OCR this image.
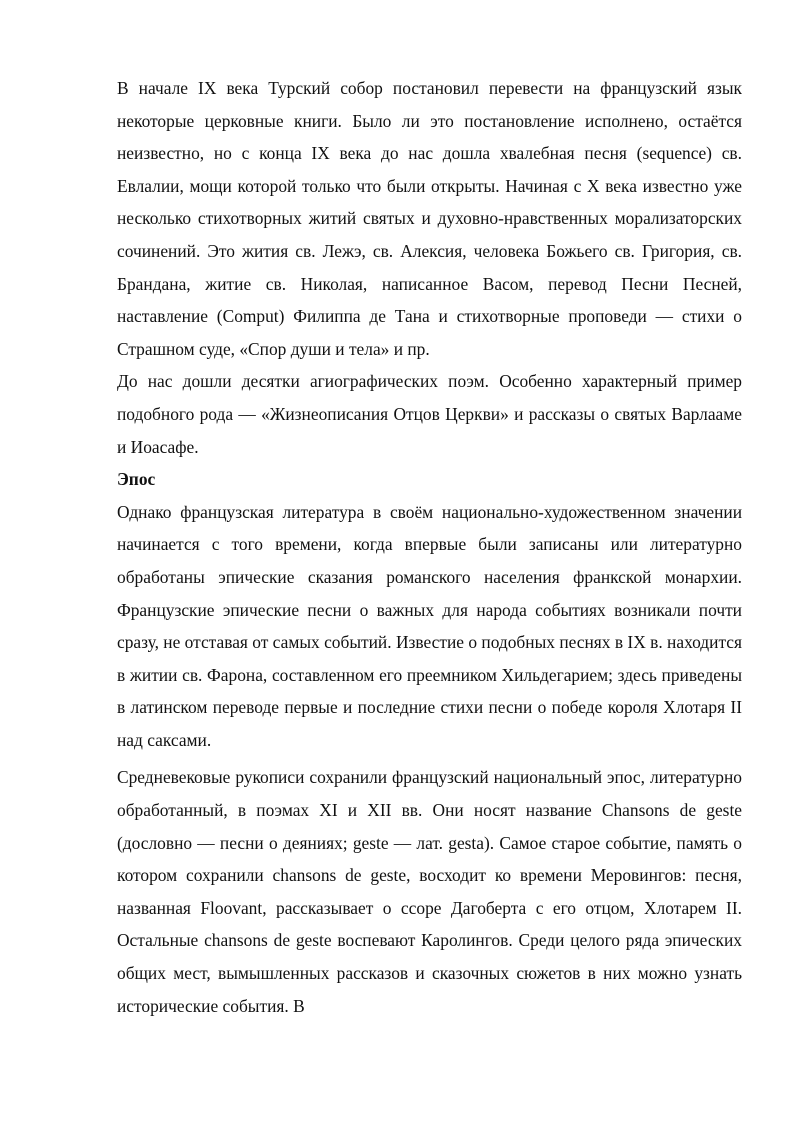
В начале IX века Турский собор постановил перевести на французский язык некоторые церковные книги. Было ли это постановление исполнено, остаётся неизвестно, но с конца IX века до нас дошла хвалебная песня (sequence) св. Евлалии, мощи которой только что были открыты. Начиная с X века известно уже несколько стихотворных житий святых и духовно-нравственных морализаторских сочинений. Это жития св. Лежэ, св. Алексия, человека Божьего св. Григория, св. Брандана, житие св. Николая, написанное Васом, перевод Песни Песней, наставление (Comput) Филиппа де Тана и стихотворные проповеди — стихи о Страшном суде, «Спор души и тела» и пр.

До нас дошли десятки агиографических поэм. Особенно характерный пример подобного рода — «Жизнеописания Отцов Церкви» и рассказы о святых Варлааме и Иоасафе.

Эпос

Однако французская литература в своём национально-художественном значении начинается с того времени, когда впервые были записаны или литературно обработаны эпические сказания романского населения франкской монархии. Французские эпические песни о важных для народа событиях возникали почти сразу, не отставая от самых событий. Известие о подобных песнях в IX в. находится в житии св. Фарона, составленном его преемником Хильдегарием; здесь приведены в латинском переводе первые и последние стихи песни о победе короля Хлотаря II над саксами.

Средневековые рукописи сохранили французский национальный эпос, литературно обработанный, в поэмах XI и XII вв. Они носят название Chansons de geste (дословно — песни о деяниях; geste — лат. gesta). Самое старое событие, память о котором сохранили chansons de geste, восходит ко времени Меровингов: песня, названная Floovant, рассказывает о ссоре Дагоберта с его отцом, Хлотарем II. Остальные chansons de geste воспевают Каролингов. Среди целого ряда эпических общих мест, вымышленных рассказов и сказочных сюжетов в них можно узнать исторические события. В
